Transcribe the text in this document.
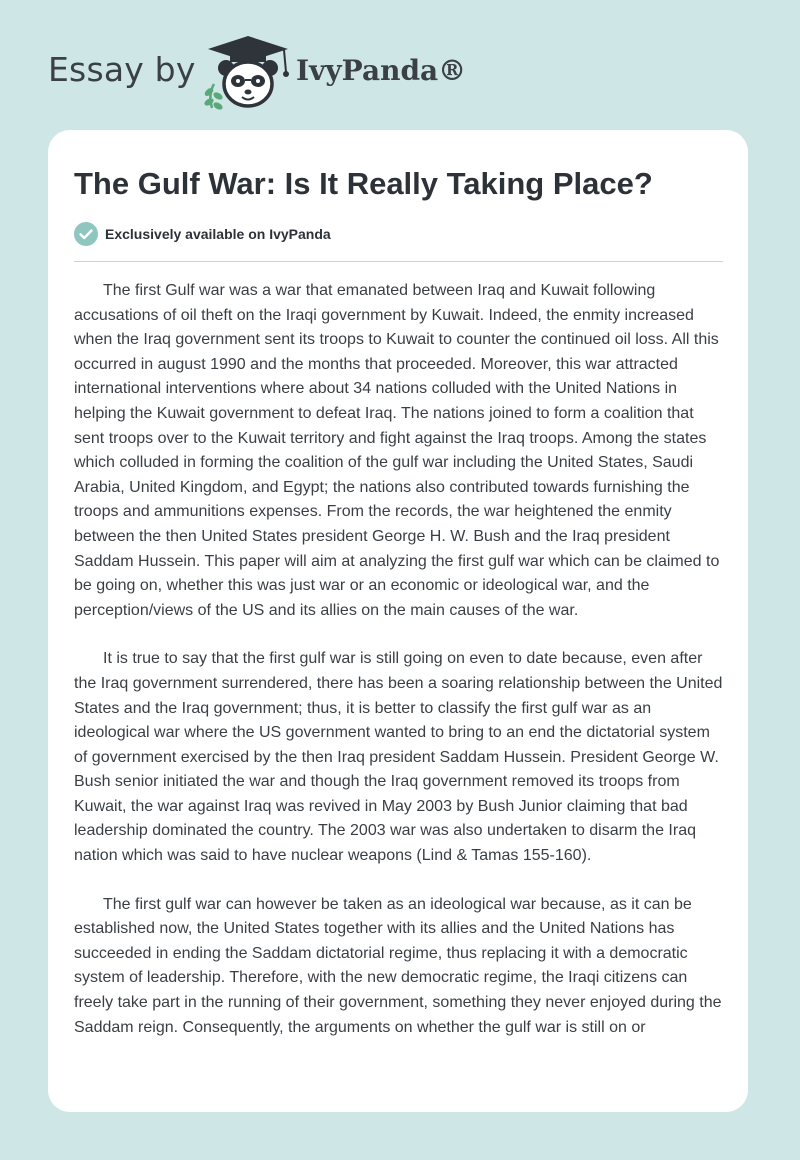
Essay by	IvyPanda®
The Gulf War: Is It Really Taking Place?
Exclusively available on IvyPanda

The first Gulf war was a war that emanated between Iraq and Kuwait following accusations of oil theft on the Iraqi government by Kuwait. Indeed, the enmity increased when the Iraq government sent its troops to Kuwait to counter the continued oil loss. All this occurred in august 1990 and the months that proceeded. Moreover, this war attracted international interventions where about 34 nations colluded with the United Nations in helping the Kuwait government to defeat Iraq. The nations joined to form a coalition that sent troops over to the Kuwait territory and fight against the Iraq troops. Among the states which colluded in forming the coalition of the gulf war including the United States, Saudi Arabia, United Kingdom, and Egypt; the nations also contributed towards furnishing the troops and ammunitions expenses. From the records, the war heightened the enmity between the then United States president George H. W. Bush and the Iraq president Saddam Hussein. This paper will aim at analyzing the first gulf war which can be claimed to be going on, whether this was just war or an economic or ideological war, and the perception/views of the US and its allies on the main causes of the war.

It is true to say that the first gulf war is still going on even to date because, even after the Iraq government surrendered, there has been a soaring relationship between the United States and the Iraq government; thus, it is better to classify the first gulf war as an ideological war where the US government wanted to bring to an end the dictatorial system of government exercised by the then Iraq president Saddam Hussein. President George W. Bush senior initiated the war and though the Iraq government removed its troops from Kuwait, the war against Iraq was revived in May 2003 by Bush Junior claiming that bad leadership dominated the country. The 2003 war was also undertaken to disarm the Iraq nation which was said to have nuclear weapons (Lind & Tamas 155-160).

The first gulf war can however be taken as an ideological war because, as it can be established now, the United States together with its allies and the United Nations has succeeded in ending the Saddam dictatorial regime, thus replacing it with a democratic system of leadership. Therefore, with the new democratic regime, the Iraqi citizens can freely take part in the running of their government, something they never enjoyed during the Saddam reign. Consequently, the arguments on whether the gulf war is still on or
